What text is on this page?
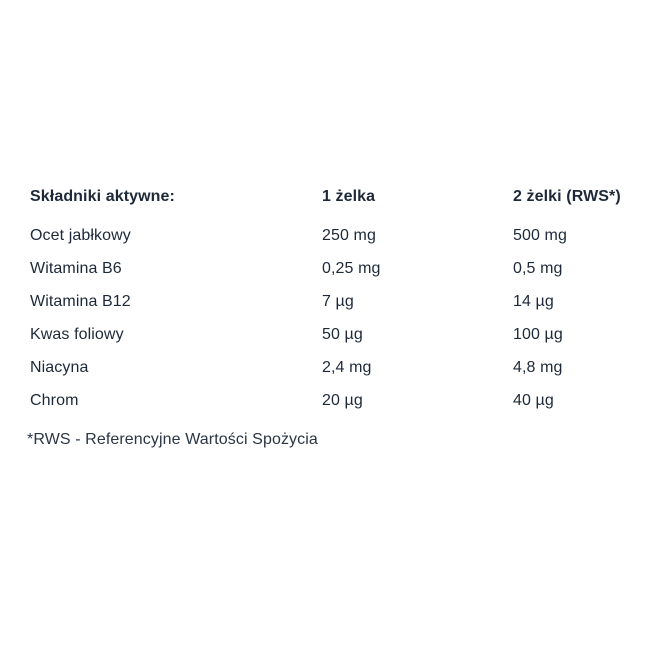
Składniki aktywne:	1 żelka	2 żelki (RWS*)
Ocet jabłkowy	250 mg	500 mg
Witamina B6	0,25 mg	0,5 mg
Witamina B12	7 µg	14 µg
Kwas foliowy	50 µg	100 µg
Niacyna	2,4 mg	4,8 mg
Chrom	20 µg	40 µg
*RWS - Referencyjne Wartości Spożycia
